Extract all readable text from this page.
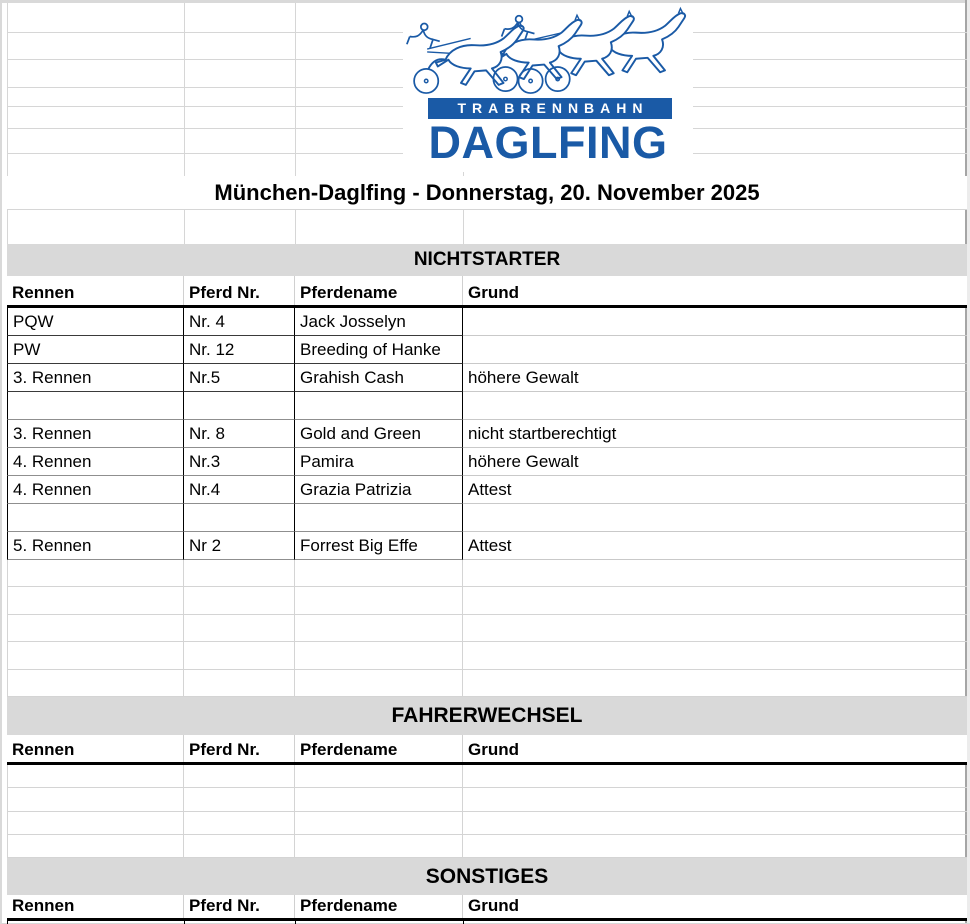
TRABRENNBAHN
DAGLFING
München-Daglfing - Donnerstag, 20. November 2025
NICHTSTARTER
Rennen	Pferd Nr.	Pferdename	Grund
PQW	Nr. 4	Jack Josselyn
PW	Nr. 12	Breeding of Hanke
3. Rennen	Nr.5	Grahish Cash	höhere Gewalt
3. Rennen	Nr. 8	Gold and Green	nicht startberechtigt
4. Rennen	Nr.3	Pamira	höhere Gewalt
4. Rennen	Nr.4	Grazia Patrizia	Attest
5. Rennen	Nr 2	Forrest Big Effe	Attest
FAHRERWECHSEL
Rennen	Pferd Nr.	Pferdename	Grund
SONSTIGES
Rennen	Pferd Nr.	Pferdename	Grund
